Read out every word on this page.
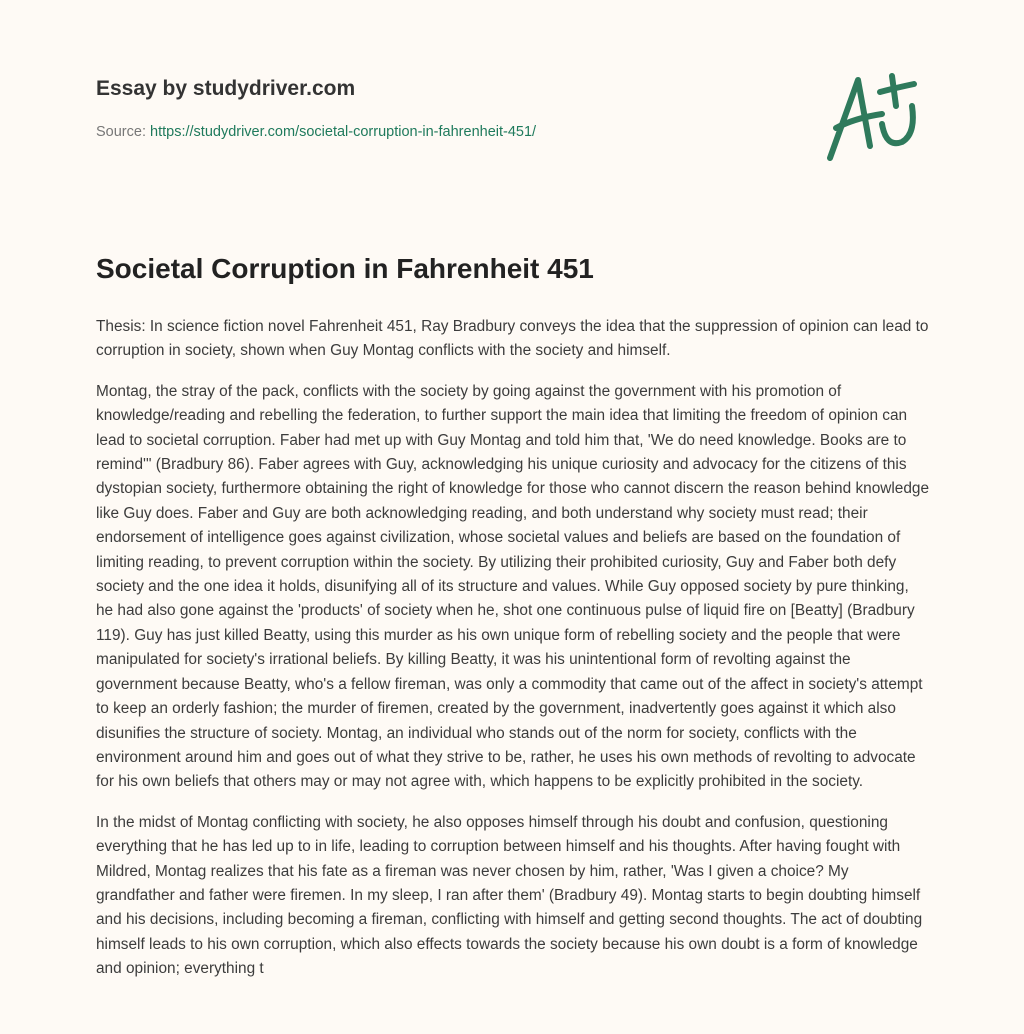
Essay by studydriver.com
Source: https://studydriver.com/societal-corruption-in-fahrenheit-451/
Societal Corruption in Fahrenheit 451

Thesis: In science fiction novel Fahrenheit 451, Ray Bradbury conveys the idea that the suppression of opinion can lead to corruption in society, shown when Guy Montag conflicts with the society and himself.

Montag, the stray of the pack, conflicts with the society by going against the government with his promotion of knowledge/reading and rebelling the federation, to further support the main idea that limiting the freedom of opinion can lead to societal corruption. Faber had met up with Guy Montag and told him that, 'We do need knowledge. Books are to remind'" (Bradbury 86). Faber agrees with Guy, acknowledging his unique curiosity and advocacy for the citizens of this dystopian society, furthermore obtaining the right of knowledge for those who cannot discern the reason behind knowledge like Guy does. Faber and Guy are both acknowledging reading, and both understand why society must read; their endorsement of intelligence goes against civilization, whose societal values and beliefs are based on the foundation of limiting reading, to prevent corruption within the society. By utilizing their prohibited curiosity, Guy and Faber both defy society and the one idea it holds, disunifying all of its structure and values. While Guy opposed society by pure thinking, he had also gone against the 'products' of society when he, shot one continuous pulse of liquid fire on [Beatty] (Bradbury 119). Guy has just killed Beatty, using this murder as his own unique form of rebelling society and the people that were manipulated for society's irrational beliefs. By killing Beatty, it was his unintentional form of revolting against the government because Beatty, who's a fellow fireman, was only a commodity that came out of the affect in society's attempt to keep an orderly fashion; the murder of firemen, created by the government, inadvertently goes against it which also disunifies the structure of society. Montag, an individual who stands out of the norm for society, conflicts with the environment around him and goes out of what they strive to be, rather, he uses his own methods of revolting to advocate for his own beliefs that others may or may not agree with, which happens to be explicitly prohibited in the society.

In the midst of Montag conflicting with society, he also opposes himself through his doubt and confusion, questioning everything that he has led up to in life, leading to corruption between himself and his thoughts. After having fought with Mildred, Montag realizes that his fate as a fireman was never chosen by him, rather, 'Was I given a choice? My grandfather and father were firemen. In my sleep, I ran after them' (Bradbury 49). Montag starts to begin doubting himself and his decisions, including becoming a fireman, conflicting with himself and getting second thoughts. The act of doubting himself leads to his own corruption, which also effects towards the society because his own doubt is a form of knowledge and opinion; everything t
